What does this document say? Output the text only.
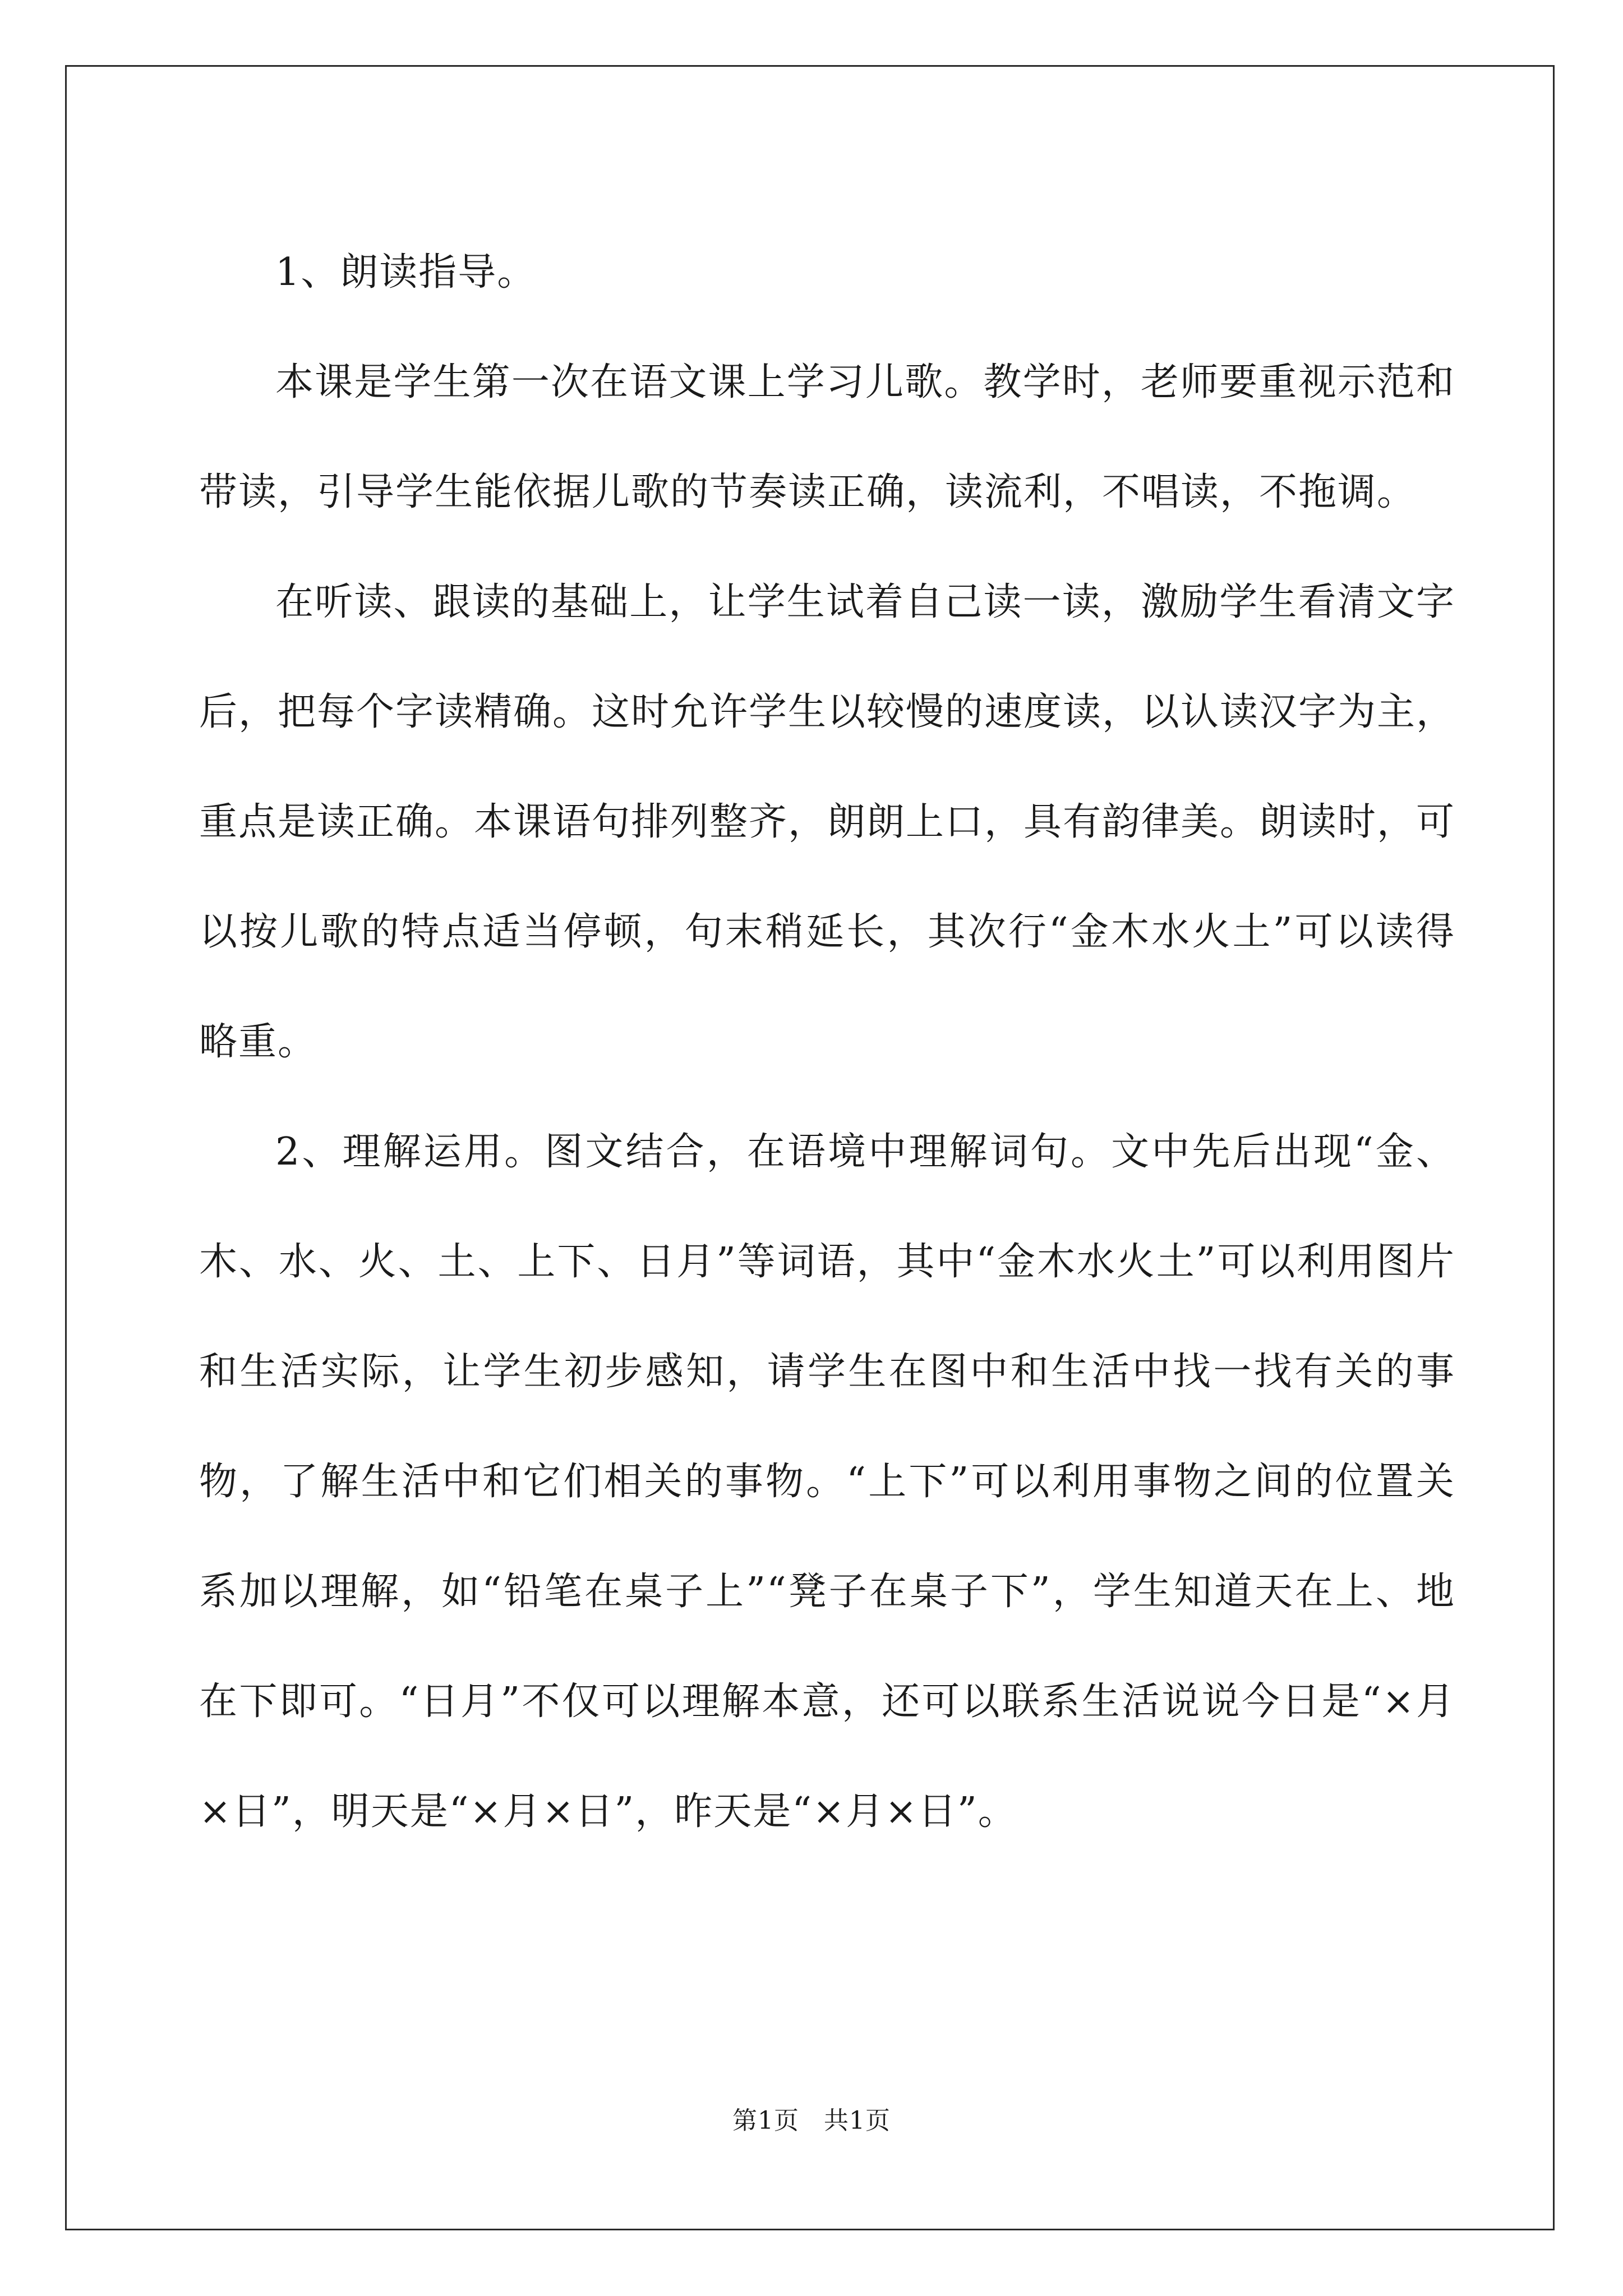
1、朗读指导。

本课是学生第一次在语文课上学习儿歌。教学时，老师要重视示范和带读，引导学生能依据儿歌的节奏读正确，读流利，不唱读，不拖调。

在听读、跟读的基础上，让学生试着自己读一读，激励学生看清文字后，把每个字读精确。这时允许学生以较慢的速度读，以认读汉字为主，重点是读正确。本课语句排列整齐，朗朗上口，具有韵律美。朗读时，可以按儿歌的特点适当停顿，句末稍延长，其次行“金木水火土”可以读得略重。

2、理解运用。图文结合，在语境中理解词句。文中先后出现“金、木、水、火、土、上下、日月”等词语，其中“金木水火土”可以利用图片和生活实际，让学生初步感知，请学生在图中和生活中找一找有关的事物，了解生活中和它们相关的事物。“上下”可以利用事物之间的位置关系加以理解，如“铅笔在桌子上”“凳子在桌子下”，学生知道天在上、地在下即可。“日月”不仅可以理解本意，还可以联系生活说说今日是“×月×日”，明天是“×月×日”，昨天是“×月×日”。

第1页 共1页
